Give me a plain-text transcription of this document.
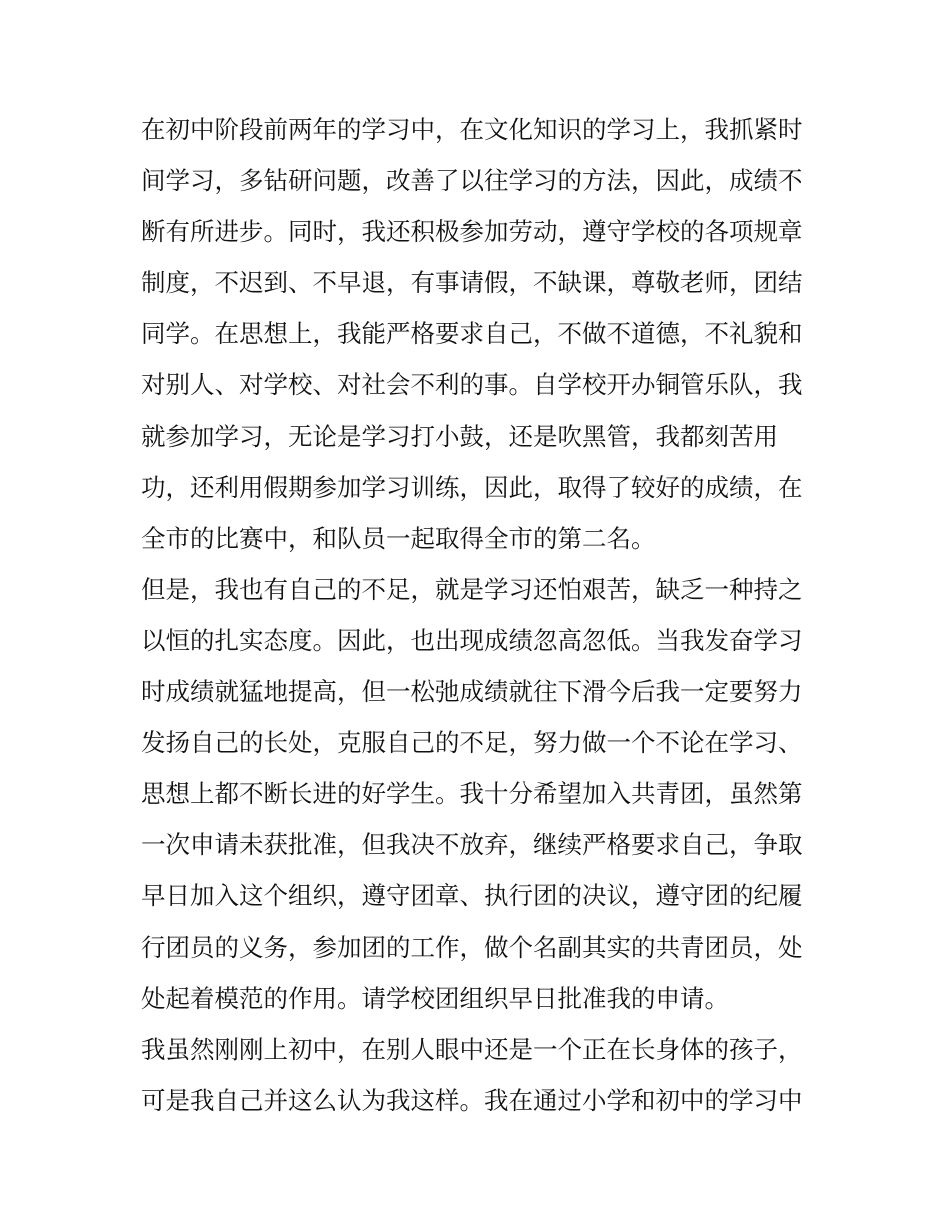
在初中阶段前两年的学习中，在文化知识的学习上，我抓紧时
间学习，多钻研问题，改善了以往学习的方法，因此，成绩不
断有所进步。同时，我还积极参加劳动，遵守学校的各项规章
制度，不迟到、不早退，有事请假，不缺课，尊敬老师，团结
同学。在思想上，我能严格要求自己，不做不道德，不礼貌和
对别人、对学校、对社会不利的事。自学校开办铜管乐队，我
就参加学习，无论是学习打小鼓，还是吹黑管，我都刻苦用
功，还利用假期参加学习训练，因此，取得了较好的成绩，在
全市的比赛中，和队员一起取得全市的第二名。
但是，我也有自己的不足，就是学习还怕艰苦，缺乏一种持之
以恒的扎实态度。因此，也出现成绩忽高忽低。当我发奋学习
时成绩就猛地提高，但一松弛成绩就往下滑今后我一定要努力
发扬自己的长处，克服自己的不足，努力做一个不论在学习、
思想上都不断长进的好学生。我十分希望加入共青团，虽然第
一次申请未获批准，但我决不放弃，继续严格要求自己，争取
早日加入这个组织，遵守团章、执行团的决议，遵守团的纪履
行团员的义务，参加团的工作，做个名副其实的共青团员，处
处起着模范的作用。请学校团组织早日批准我的申请。
我虽然刚刚上初中，在别人眼中还是一个正在长身体的孩子，
可是我自己并这么认为我这样。我在通过小学和初中的学习中
